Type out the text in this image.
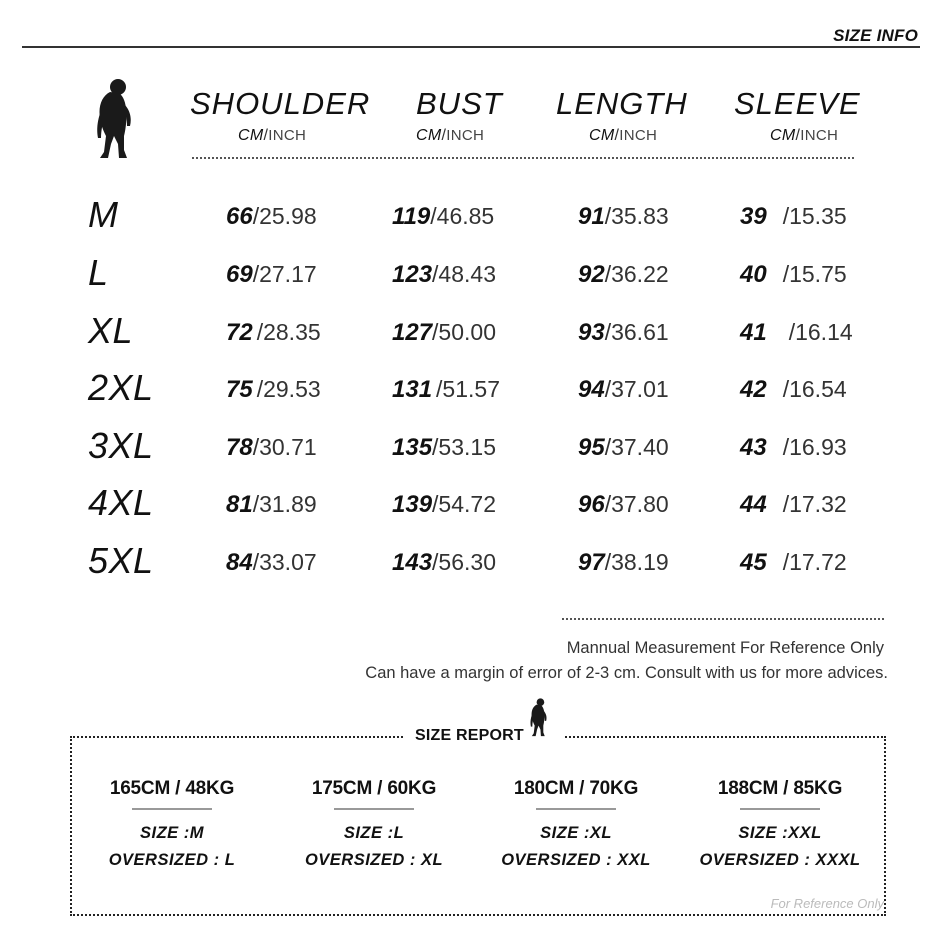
SIZE INFO
SHOULDER BUST LENGTH SLEEVE
CM/INCH	CM/INCH	CM/INCH	CM/INCH
M	66/25.98	119/46.85	91/35.83	39 /15.35
L	69/27.17	123/48.43	92/36.22	40 /15.75
XL	72 /28.35	127/50.00	93/36.61	41 /16.14
2XL	75 /29.53	131 /51.57	94/37.01	42 /16.54
3XL	78/30.71	135/53.15	95/37.40	43 /16.93
4XL	81/31.89	139/54.72	96/37.80	44 /17.32
5XL	84/33.07	143/56.30	97/38.19	45 /17.72
Mannual Measurement For Reference Only
Can have a margin of error of 2-3 cm. Consult with us for more advices.
SIZE REPORT
165CM / 48KG
SIZE :M
OVERSIZED : L
175CM / 60KG
SIZE :L
OVERSIZED : XL
180CM / 70KG
SIZE :XL
OVERSIZED : XXL
188CM / 85KG
SIZE :XXL
OVERSIZED : XXXL
For Reference Only
